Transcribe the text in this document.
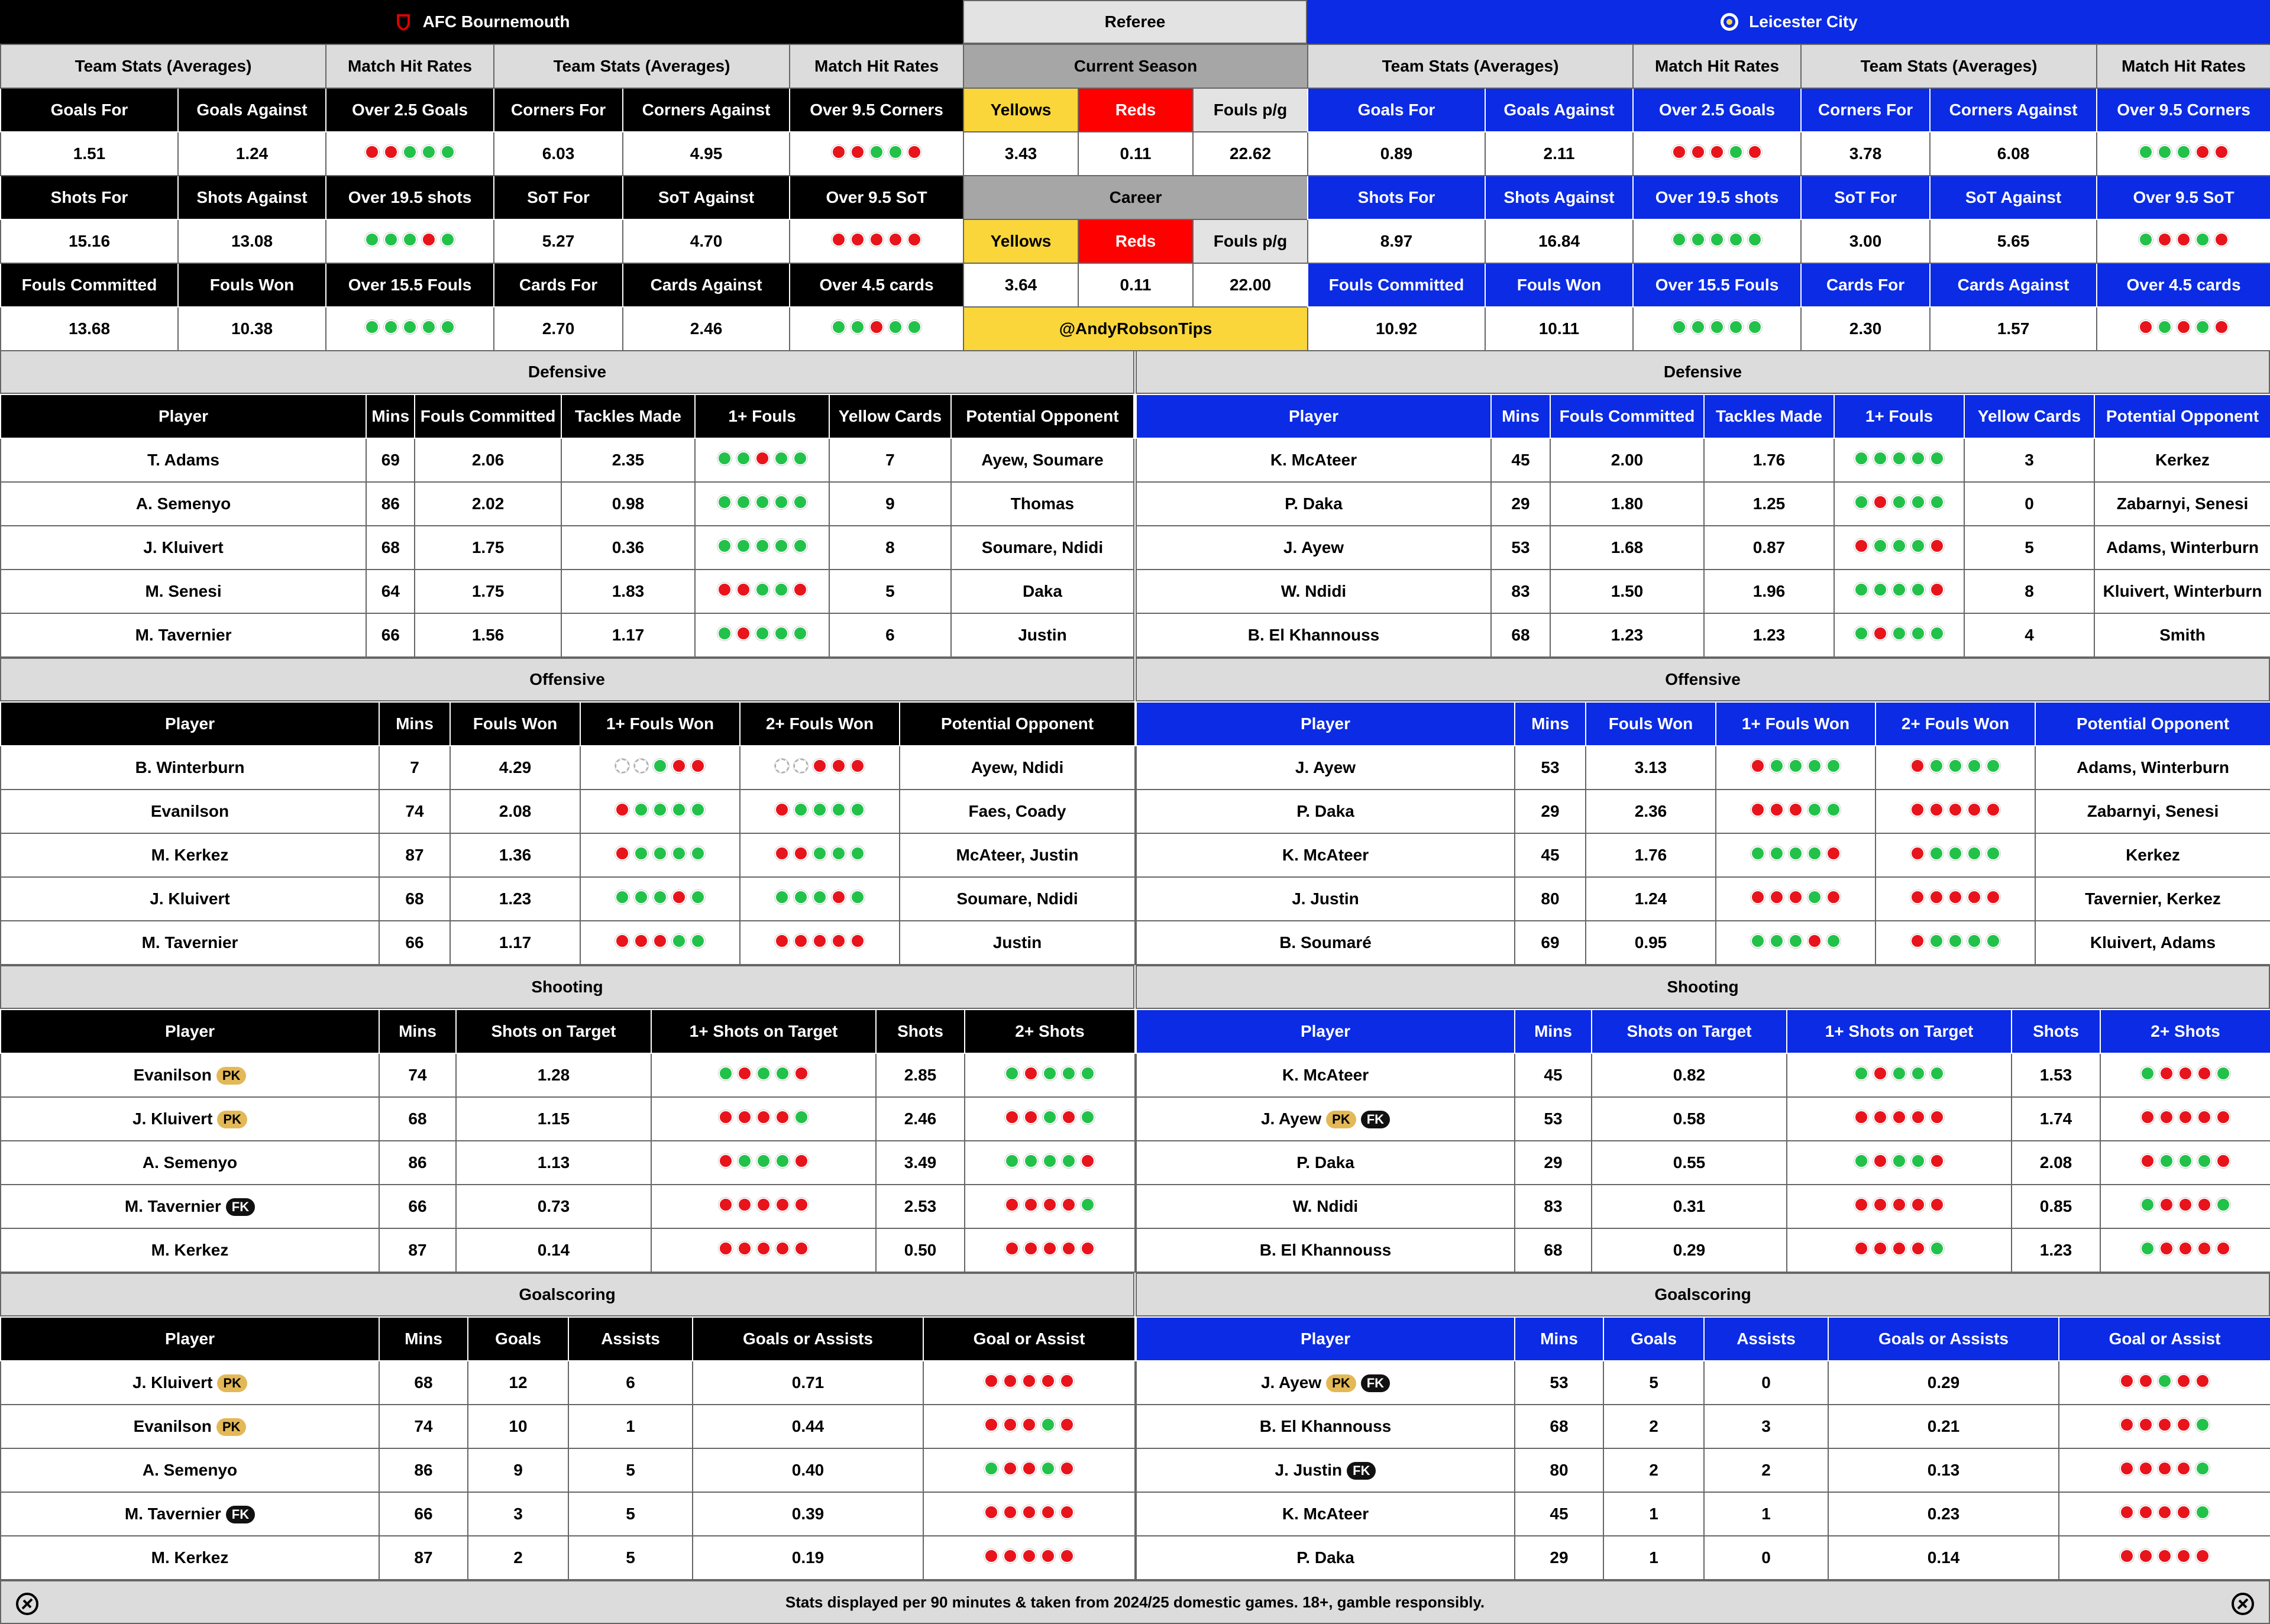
AFC Bournemouth	Referee	Leicester City
Team Stats (Averages)		Match Hit Rates	Team Stats (Averages)		Match Hit Rates
Goals For	Goals Against	Over 2.5 Goals	Corners For	Corners Against	Over 9.5 Corners
1.51	1.24		6.03	4.95	

Shots For	Shots Against	Over 19.5 shots	SoT For	SoT Against	Over 9.5 SoT
15.16	13.08		5.27	4.70	

Fouls Committed	Fouls Won	Over 15.5 Fouls	Cards For	Cards Against	Over 4.5 cards
13.68	10.38		2.70	2.46	
Current Season		
Yellows	Reds	Fouls p/g
3.43	0.11	22.62
Career		
Yellows	Reds	Fouls p/g
3.64	0.11	22.00
@AndyRobsonTips		
Team Stats (Averages)		Match Hit Rates	Team Stats (Averages)		Match Hit Rates
Goals For	Goals Against	Over 2.5 Goals	Corners For	Corners Against	Over 9.5 Corners
0.89	2.11		3.78	6.08	

Shots For	Shots Against	Over 19.5 shots	SoT For	SoT Against	Over 9.5 SoT
8.97	16.84		3.00	5.65	

Fouls Committed	Fouls Won	Over 15.5 Fouls	Cards For	Cards Against	Over 4.5 cards
10.92	10.11		2.30	1.57	
Defensive
Player	Mins	Fouls Committed	Tackles Made	1+ Fouls	Yellow Cards	Potential Opponent
T. Adams	69	2.06	2.35		7	Ayew, Soumare
A. Semenyo	86	2.02	0.98		9	Thomas
J. Kluivert	68	1.75	0.36		8	Soumare, Ndidi
M. Senesi	64	1.75	1.83		5	Daka
M. Tavernier	66	1.56	1.17		6	Justin
Offensive
Player	Mins	Fouls Won	1+ Fouls Won	2+ Fouls Won	Potential Opponent
B. Winterburn	7	4.29			Ayew, Ndidi
Evanilson	74	2.08			Faes, Coady
M. Kerkez	87	1.36			McAteer, Justin
J. Kluivert	68	1.23			Soumare, Ndidi
M. Tavernier	66	1.17			Justin
Shooting
Player	Mins	Shots on Target	1+ Shots on Target	Shots	2+ Shots
Evanilson PK	74	1.28		2.85	

J. Kluivert PK	68	1.15		2.46	

A. Semenyo	86	1.13		3.49	

M. Tavernier FK	66	0.73		2.53	

M. Kerkez	87	0.14		0.50	
Goalscoring
Player	Mins	Goals	Assists	Goals or Assists	Goal or Assist
J. Kluivert PK	68	12	6	0.71	

Evanilson PK	74	10	1	0.44	

A. Semenyo	86	9	5	0.40	

M. Tavernier FK	66	3	5	0.39	

M. Kerkez	87	2	5	0.19	
Defensive
Player	Mins	Fouls Committed	Tackles Made	1+ Fouls	Yellow Cards	Potential Opponent
K. McAteer	45	2.00	1.76		3	Kerkez
P. Daka	29	1.80	1.25		0	Zabarnyi, Senesi
J. Ayew	53	1.68	0.87		5	Adams, Winterburn
W. Ndidi	83	1.50	1.96		8	Kluivert, Winterburn
B. El Khannouss	68	1.23	1.23		4	Smith
Offensive
Player	Mins	Fouls Won	1+ Fouls Won	2+ Fouls Won	Potential Opponent
J. Ayew	53	3.13			Adams, Winterburn
P. Daka	29	2.36			Zabarnyi, Senesi
K. McAteer	45	1.76			Kerkez
J. Justin	80	1.24			Tavernier, Kerkez
B. Soumaré	69	0.95			Kluivert, Adams
Shooting
Player	Mins	Shots on Target	1+ Shots on Target	Shots	2+ Shots
K. McAteer	45	0.82		1.53	

J. Ayew PK FK	53	0.58		1.74	

P. Daka	29	0.55		2.08	

W. Ndidi	83	0.31		0.85	

B. El Khannouss	68	0.29		1.23	
Goalscoring
Player	Mins	Goals	Assists	Goals or Assists	Goal or Assist
J. Ayew PK FK	53	5	0	0.29	

B. El Khannouss	68	2	3	0.21	

J. Justin FK	80	2	2	0.13	

K. McAteer	45	1	1	0.23	

P. Daka	29	1	0	0.14	
Stats displayed per 90 minutes & taken from 2024/25 domestic games. 18+, gamble responsibly.
